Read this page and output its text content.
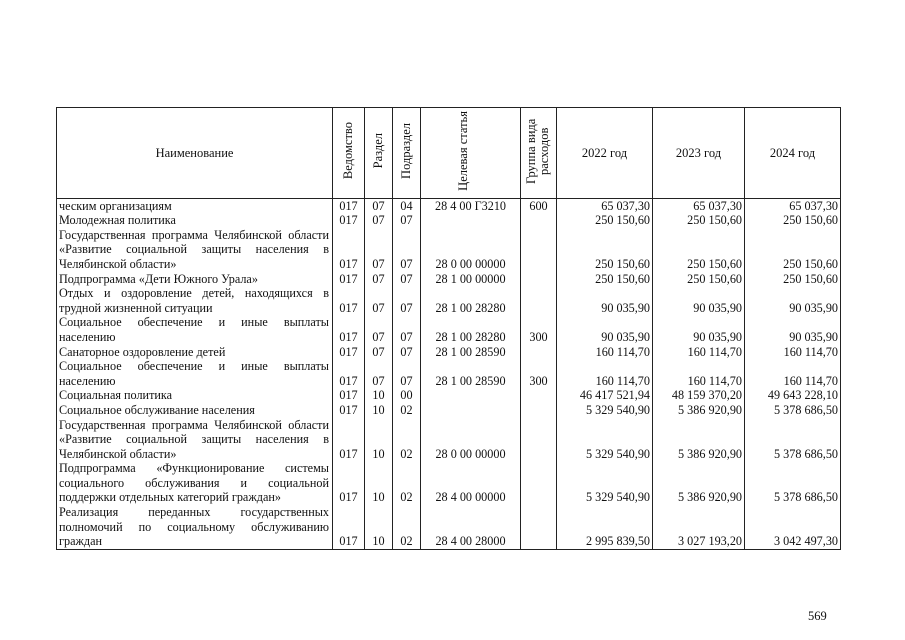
Наименование	Ведомство	Раздел	Подраздел	Целевая статья	Группа вида расходов	2022 год	2023 год	2024 год
ческим организациям	017	07	04	28 4 00 Г3210	600	65 037,30	65 037,30	65 037,30
Молодежная политика	017	07	07			250 150,60	250 150,60	250 150,60
Государственная программа Челябинской области «Развитие социальной защиты населения в Челябинской области»	017	07	07	28 0 00 00000		250 150,60	250 150,60	250 150,60
Подпрограмма «Дети Южного Урала»	017	07	07	28 1 00 00000		250 150,60	250 150,60	250 150,60
Отдых и оздоровление детей, находящихся в трудной жизненной ситуации	017	07	07	28 1 00 28280		90 035,90	90 035,90	90 035,90
Социальное обеспечение и иные выплаты населению	017	07	07	28 1 00 28280	300	90 035,90	90 035,90	90 035,90
Санаторное оздоровление детей	017	07	07	28 1 00 28590		160 114,70	160 114,70	160 114,70
Социальное обеспечение и иные выплаты населению	017	07	07	28 1 00 28590	300	160 114,70	160 114,70	160 114,70
Социальная политика	017	10	00			46 417 521,94	48 159 370,20	49 643 228,10
Социальное обслуживание населения	017	10	02			5 329 540,90	5 386 920,90	5 378 686,50
Государственная программа Челябинской области «Развитие социальной защиты населения в Челябинской области»	017	10	02	28 0 00 00000		5 329 540,90	5 386 920,90	5 378 686,50
Подпрограмма «Функционирование системы социального обслуживания и социальной поддержки отдельных категорий граждан»	017	10	02	28 4 00 00000		5 329 540,90	5 386 920,90	5 378 686,50
Реализация переданных государственных полномочий по социальному обслуживанию граждан	017	10	02	28 4 00 28000		2 995 839,50	3 027 193,20	3 042 497,30
569
